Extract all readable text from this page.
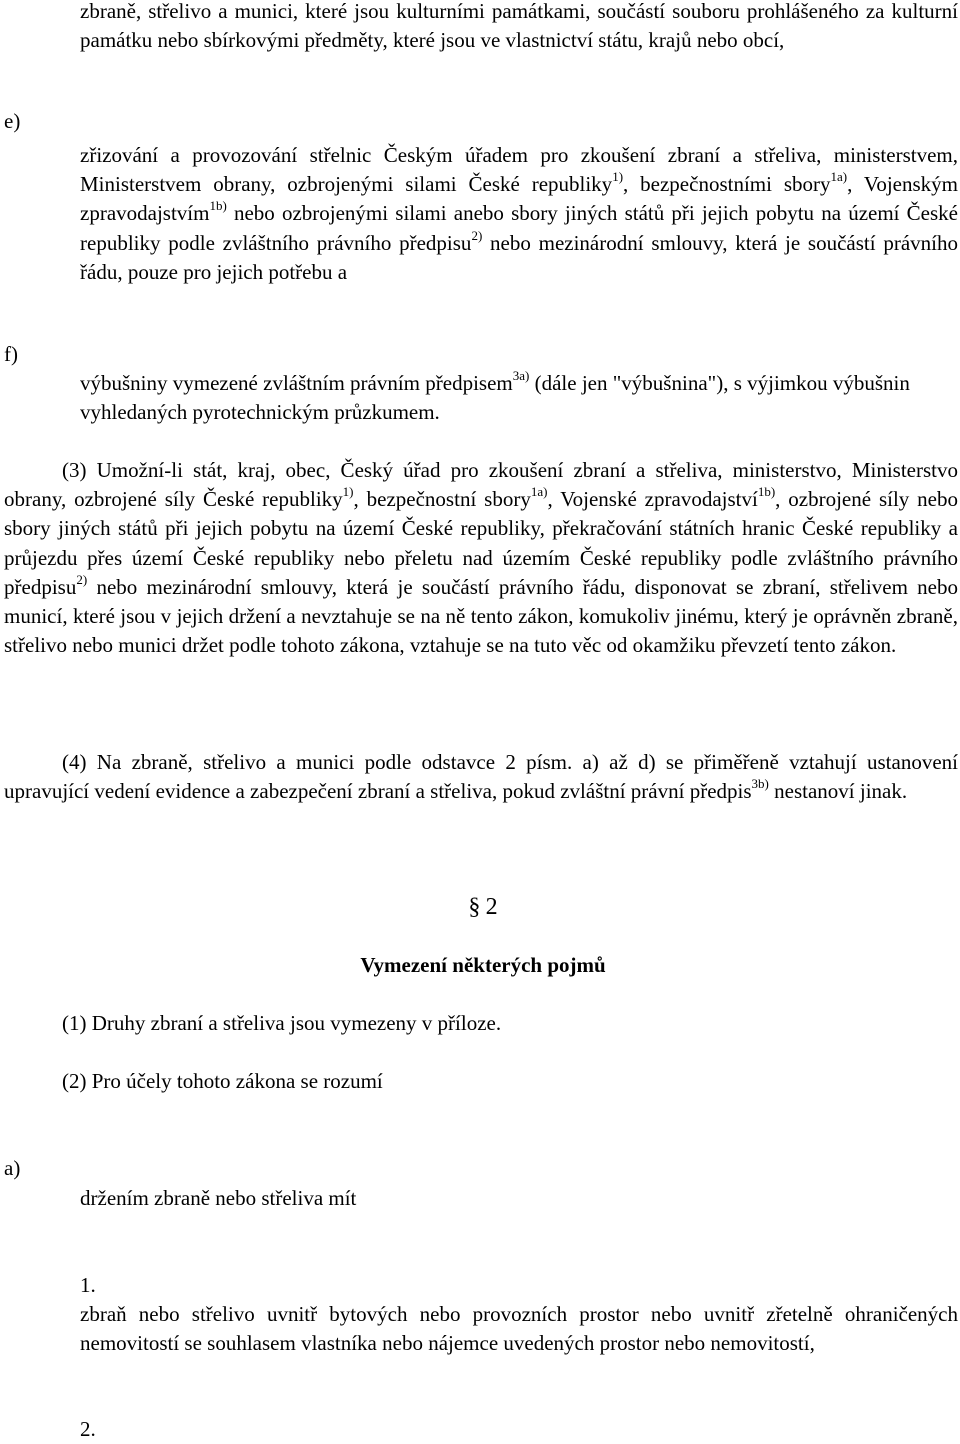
zbraně, střelivo a munici, které jsou kulturními památkami, součástí souboru prohlášeného za kulturní památku nebo sbírkovými předměty, které jsou ve vlastnictví státu, krajů nebo obcí,

e)

zřizování a provozování střelnic Českým úřadem pro zkoušení zbraní a střeliva, ministerstvem, Ministerstvem obrany, ozbrojenými silami České republiky$^{1)}$, bezpečnostními sbory$^{1a)}$, Vojenským zpravodajstvím$^{1b)}$ nebo ozbrojenými silami anebo sbory jiných států při jejich pobytu na území České republiky podle zvláštního právního předpisu$^{2)}$ nebo mezinárodní smlouvy, která je součástí právního řádu, pouze pro jejich potřebu a

f)

výbušniny vymezené zvláštním právním předpisem$^{3a)}$ (dále jen "výbušnina"), s výjimkou výbušnin vyhledaných pyrotechnickým průzkumem.

(3) Umožní-li stát, kraj, obec, Český úřad pro zkoušení zbraní a střeliva, ministerstvo, Ministerstvo obrany, ozbrojené síly České republiky$^{1)}$, bezpečnostní sbory$^{1a)}$, Vojenské zpravodajství$^{1b)}$, ozbrojené síly nebo sbory jiných států při jejich pobytu na území České republiky, překračování státních hranic České republiky a průjezdu přes území České republiky nebo přeletu nad územím České republiky podle zvláštního právního předpisu$^{2)}$ nebo mezinárodní smlouvy, která je součástí právního řádu, disponovat se zbraní, střelivem nebo municí, které jsou v jejich držení a nevztahuje se na ně tento zákon, komukoliv jinému, který je oprávněn zbraně, střelivo nebo munici držet podle tohoto zákona, vztahuje se na tuto věc od okamžiku převzetí tento zákon.

(4) Na zbraně, střelivo a munici podle odstavce 2 písm. a) až d) se přiměřeně vztahují ustanovení upravující vedení evidence a zabezpečení zbraní a střeliva, pokud zvláštní právní předpis$^{3b)}$ nestanoví jinak.

§ 2

Vymezení některých pojmů

(1) Druhy zbraní a střeliva jsou vymezeny v příloze.

(2) Pro účely tohoto zákona se rozumí

a)

držením zbraně nebo střeliva mít

1.

zbraň nebo střelivo uvnitř bytových nebo provozních prostor nebo uvnitř zřetelně ohraničených nemovitostí se souhlasem vlastníka nebo nájemce uvedených prostor nebo nemovitostí,

2.
